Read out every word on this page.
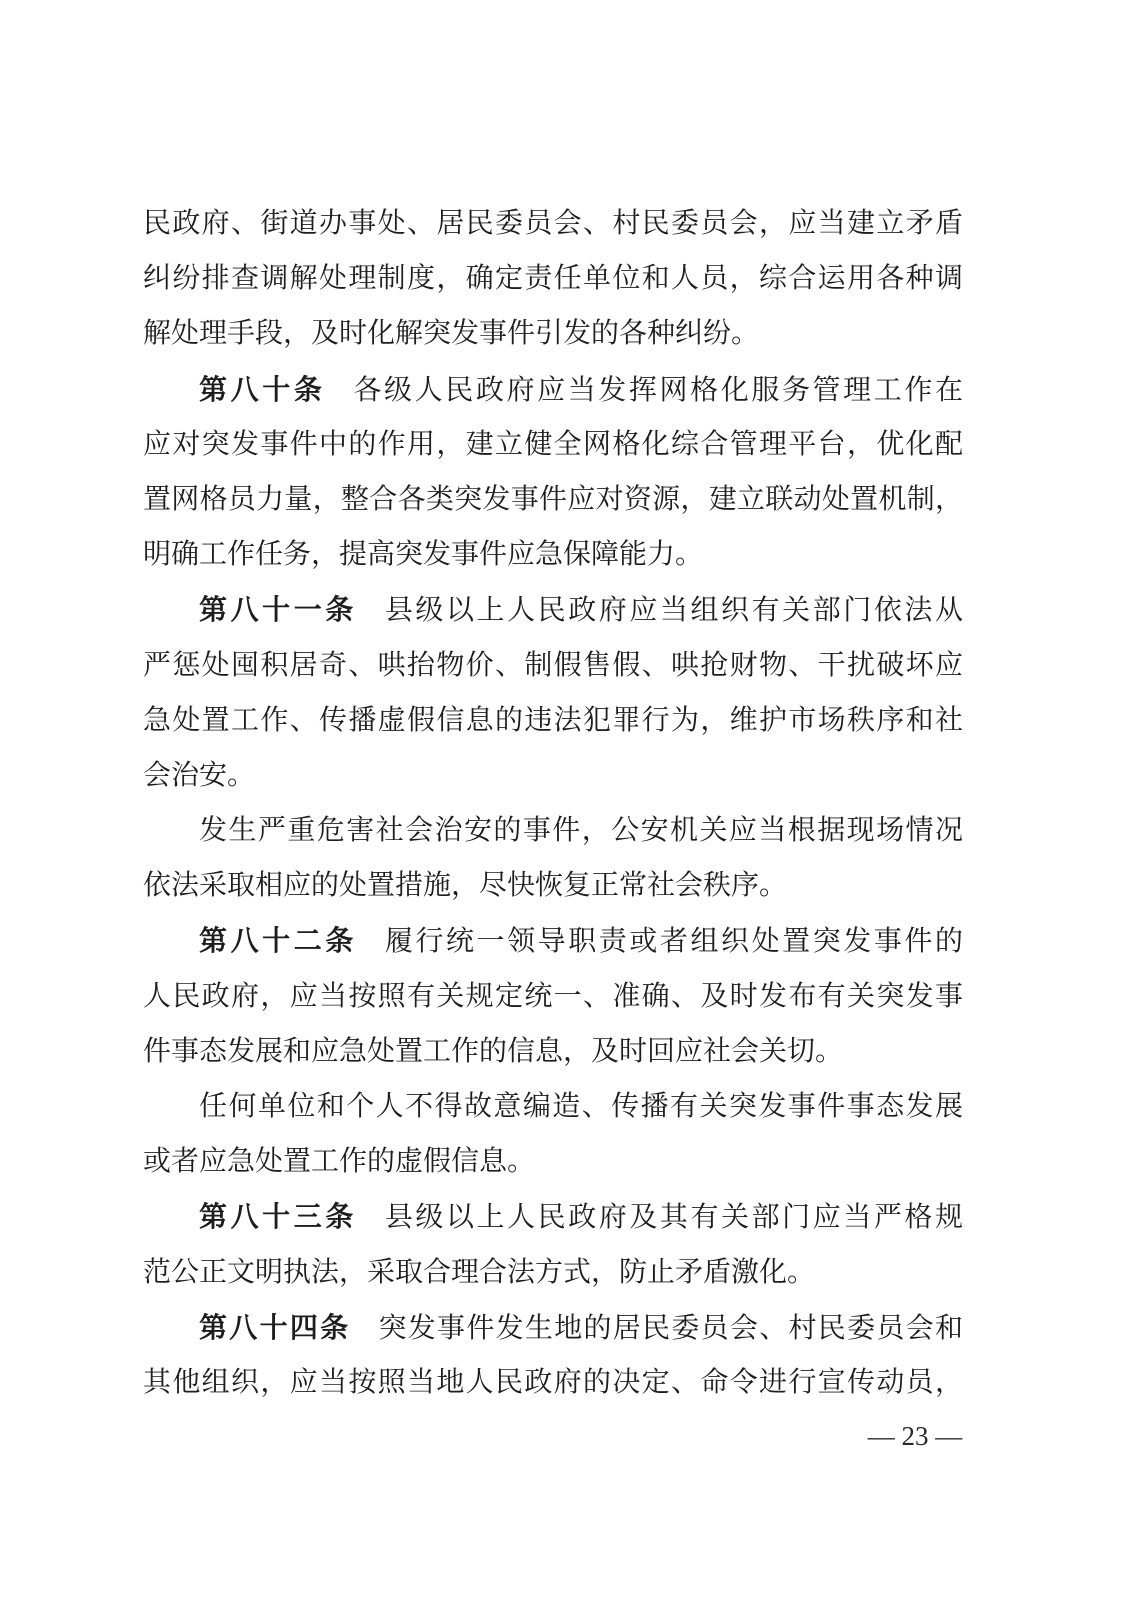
民政府、街道办事处、居民委员会、村民委员会，应当建立矛盾
纠纷排查调解处理制度，确定责任单位和人员，综合运用各种调
解处理手段，及时化解突发事件引发的各种纠纷。
第八十条 各级人民政府应当发挥网格化服务管理工作在
应对突发事件中的作用，建立健全网格化综合管理平台，优化配
置网格员力量，整合各类突发事件应对资源，建立联动处置机制，
明确工作任务，提高突发事件应急保障能力。
第八十一条 县级以上人民政府应当组织有关部门依法从
严惩处囤积居奇、哄抬物价、制假售假、哄抢财物、干扰破坏应
急处置工作、传播虚假信息的违法犯罪行为，维护市场秩序和社
会治安。
发生严重危害社会治安的事件，公安机关应当根据现场情况
依法采取相应的处置措施，尽快恢复正常社会秩序。
第八十二条 履行统一领导职责或者组织处置突发事件的
人民政府，应当按照有关规定统一、准确、及时发布有关突发事
件事态发展和应急处置工作的信息，及时回应社会关切。
任何单位和个人不得故意编造、传播有关突发事件事态发展
或者应急处置工作的虚假信息。
第八十三条 县级以上人民政府及其有关部门应当严格规
范公正文明执法，采取合理合法方式，防止矛盾激化。
第八十四条 突发事件发生地的居民委员会、村民委员会和
其他组织，应当按照当地人民政府的决定、命令进行宣传动员，
— 23 —
